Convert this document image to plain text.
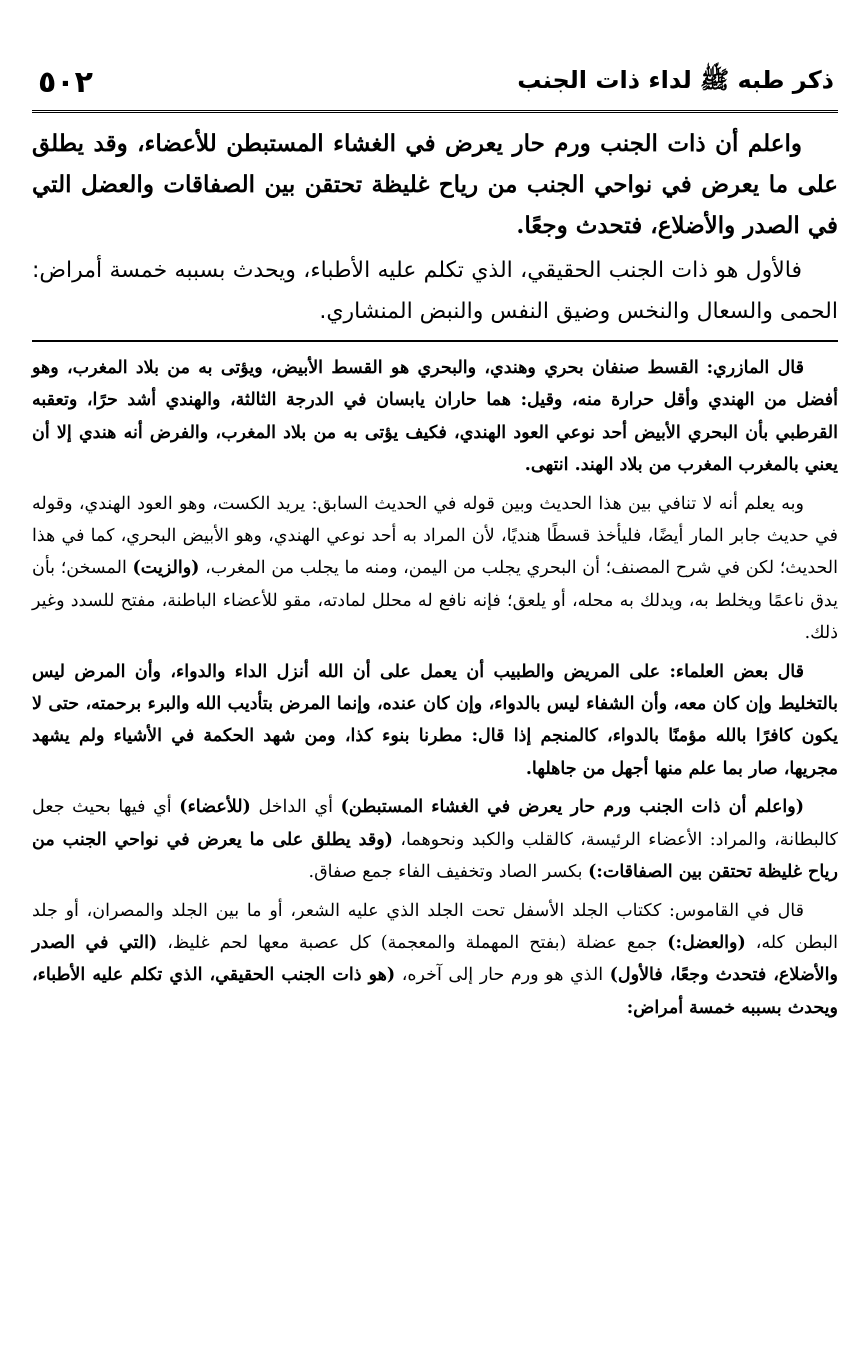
ذكر طبه ﷺ لداء ذات الجنب
٥٠٢

واعلم أن ذات الجنب ورم حار يعرض في الغشاء المستبطن للأعضاء، وقد يطلق على ما يعرض في نواحي الجنب من رياح غليظة تحتقن بين الصفاقات والعضل التي في الصدر والأضلاع، فتحدث وجعًا.

فالأول هو ذات الجنب الحقيقي، الذي تكلم عليه الأطباء، ويحدث بسببه خمسة أمراض: الحمى والسعال والنخس وضيق النفس والنبض المنشاري.

قال المازري: القسط صنفان بحري وهندي، والبحري هو القسط الأبيض، ويؤتى به من بلاد المغرب، وهو أفضل من الهندي وأقل حرارة منه، وقيل: هما حاران يابسان في الدرجة الثالثة، والهندي أشد حرًا، وتعقبه القرطبي بأن البحري الأبيض أحد نوعي العود الهندي، فكيف يؤتى به من بلاد المغرب، والفرض أنه هندي إلا أن يعني بالمغرب المغرب من بلاد الهند. انتهى.

وبه يعلم أنه لا تنافي بين هذا الحديث وبين قوله في الحديث السابق: يريد الكست، وهو العود الهندي، وقوله في حديث جابر المار أيضًا، فليأخذ قسطًا هنديًا، لأن المراد به أحد نوعي الهندي، وهو الأبيض البحري، كما في هذا الحديث؛ لكن في شرح المصنف؛ أن البحري يجلب من اليمن، ومنه ما يجلب من المغرب، (والزيت) المسخن؛ بأن يدق ناعمًا ويخلط به، ويدلك به محله، أو يلعق؛ فإنه نافع له محلل لمادته، مقو للأعضاء الباطنة، مفتح للسدد وغير ذلك.

قال بعض العلماء: على المريض والطبيب أن يعمل على أن الله أنزل الداء والدواء، وأن المرض ليس بالتخليط وإن كان معه، وأن الشفاء ليس بالدواء، وإن كان عنده، وإنما المرض بتأديب الله والبرء برحمته، حتى لا يكون كافرًا بالله مؤمنًا بالدواء، كالمنجم إذا قال: مطرنا بنوء كذا، ومن شهد الحكمة في الأشياء ولم يشهد مجريها، صار بما علم منها أجهل من جاهلها.

(واعلم أن ذات الجنب ورم حار يعرض في الغشاء المستبطن) أي الداخل (للأعضاء) أي فيها بحيث جعل كالبطانة، والمراد: الأعضاء الرئيسة، كالقلب والكبد ونحوهما، (وقد يطلق على ما يعرض في نواحي الجنب من رياح غليظة تحتقن بين الصفاقات:) بكسر الصاد وتخفيف الفاء جمع صفاق.

قال في القاموس: ككتاب الجلد الأسفل تحت الجلد الذي عليه الشعر، أو ما بين الجلد والمصران، أو جلد البطن كله، (والعضل:) جمع عضلة (بفتح المهملة والمعجمة) كل عصبة معها لحم غليظ، (التي في الصدر والأضلاع، فتحدث وجعًا، فالأول) الذي هو ورم حار إلى آخره، (هو ذات الجنب الحقيقي، الذي تكلم عليه الأطباء، ويحدث بسببه خمسة أمراض:
